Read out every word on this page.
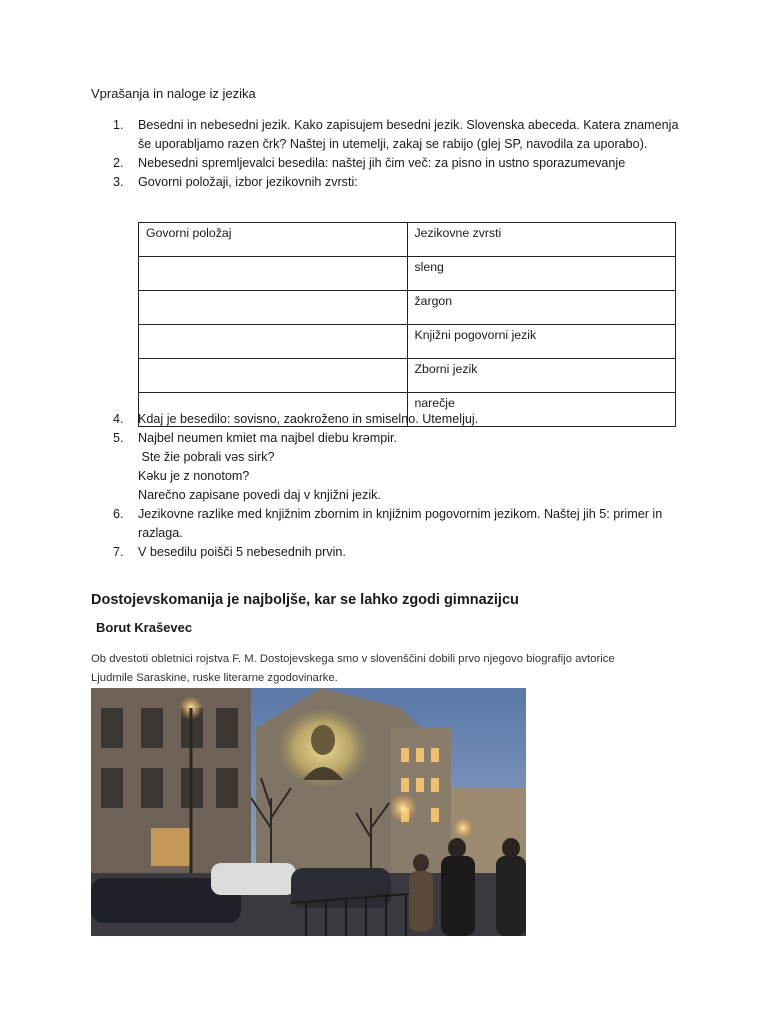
Vprašanja in naloge iz jezika
1. Besedni in nebesedni jezik. Kako zapisujem besedni jezik. Slovenska abeceda. Katera znamenja še uporabljamo razen črk? Naštej in utemelji, zakaj se rabijo (glej SP, navodila za uporabo).
2. Nebesedni spremljevalci besedila: naštej jih čim več: za pisno in ustno sporazumevanje
3. Govorni položaji, izbor jezikovnih zvrsti:
Govorni položaj	Jezikovne zvrsti
	sleng
	žargon
	Knjižni pogovorni jezik
	Zborni jezik
	narečje
4. Kdaj je besedilo: sovisno, zaokroženo in smiselno. Utemeljuj.
5. Najbel neumen kmiet ma najbel diebu krəmpir.
Ste žie pobrali vəs sirk?
Kəku je z nonotom?
Narečno zapisane povedi daj v knjižni jezik.
6. Jezikovne razlike med knjižnim zbornim in knjižnim pogovornim jezikom. Naštej jih 5: primer in razlaga.
7. V besedilu poišči 5 nebesednih prvin.
Dostojevskomanija je najboljše, kar se lahko zgodi gimnazijcu
Borut Kraševec
Ob dvestoti obletnici rojstva F. M. Dostojevskega smo v slovenščini dobili prvo njegovo biografijo avtorice Ljudmile Saraskine, ruske literarne zgodovinarke.
